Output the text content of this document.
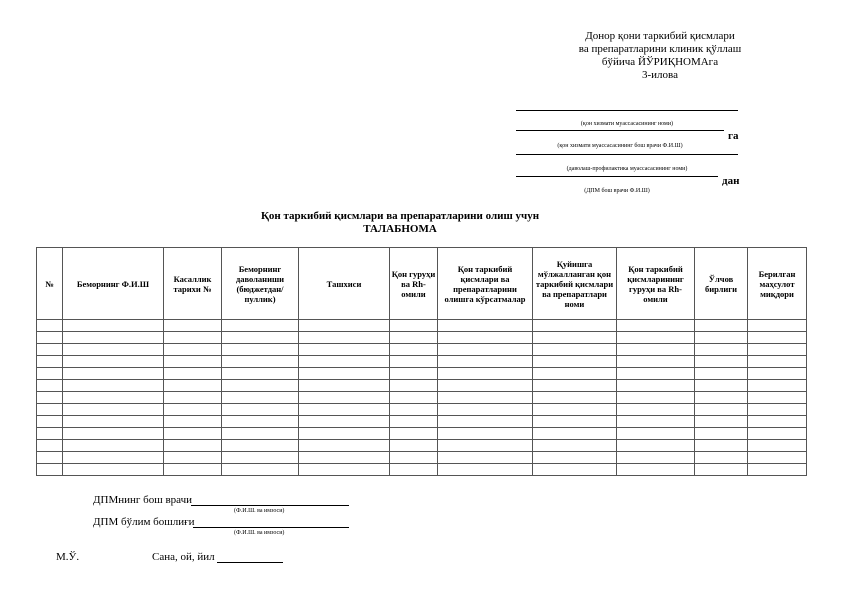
Донор қони таркибий қисмлари
ва препаратларини клиник қўллаш
бўйича ЙЎРИҚНОМАга
3-илова
(қон хизмати муассасасининг номи)
га
(қон хизмати муассасасининг бош врачи Ф.И.Ш)
(даволаш-профилактика муассасасининг номи)
дан
(ДПМ бош врачи Ф.И.Ш)
Қон таркибий қисмлари ва препаратларини олиш учун
ТАЛАБНОМА
№	Беморнинг Ф.И.Ш	Касаллик тарихи №	Беморнинг даволаниши (бюджетдан/ пуллик)	Ташхиси	Қон гуруҳи ва Rh-омили	Қон таркибий қисмлари ва препаратларини олишга кўрсатмалар	Қуйишга мўлжалланган қон таркибий қисмлари ва препаратлари номи	Қон таркибий қисмларининг гуруҳи ва Rh-омили	Ўлчов бирлиги	Берилган маҳсулот миқдори

ДПМнинг бош врачи
(Ф.И.Ш. ва имзоси)
ДПМ бўлим бошлиғи
(Ф.И.Ш. ва имзоси)
М.Ў.	Сана, ой, йил
